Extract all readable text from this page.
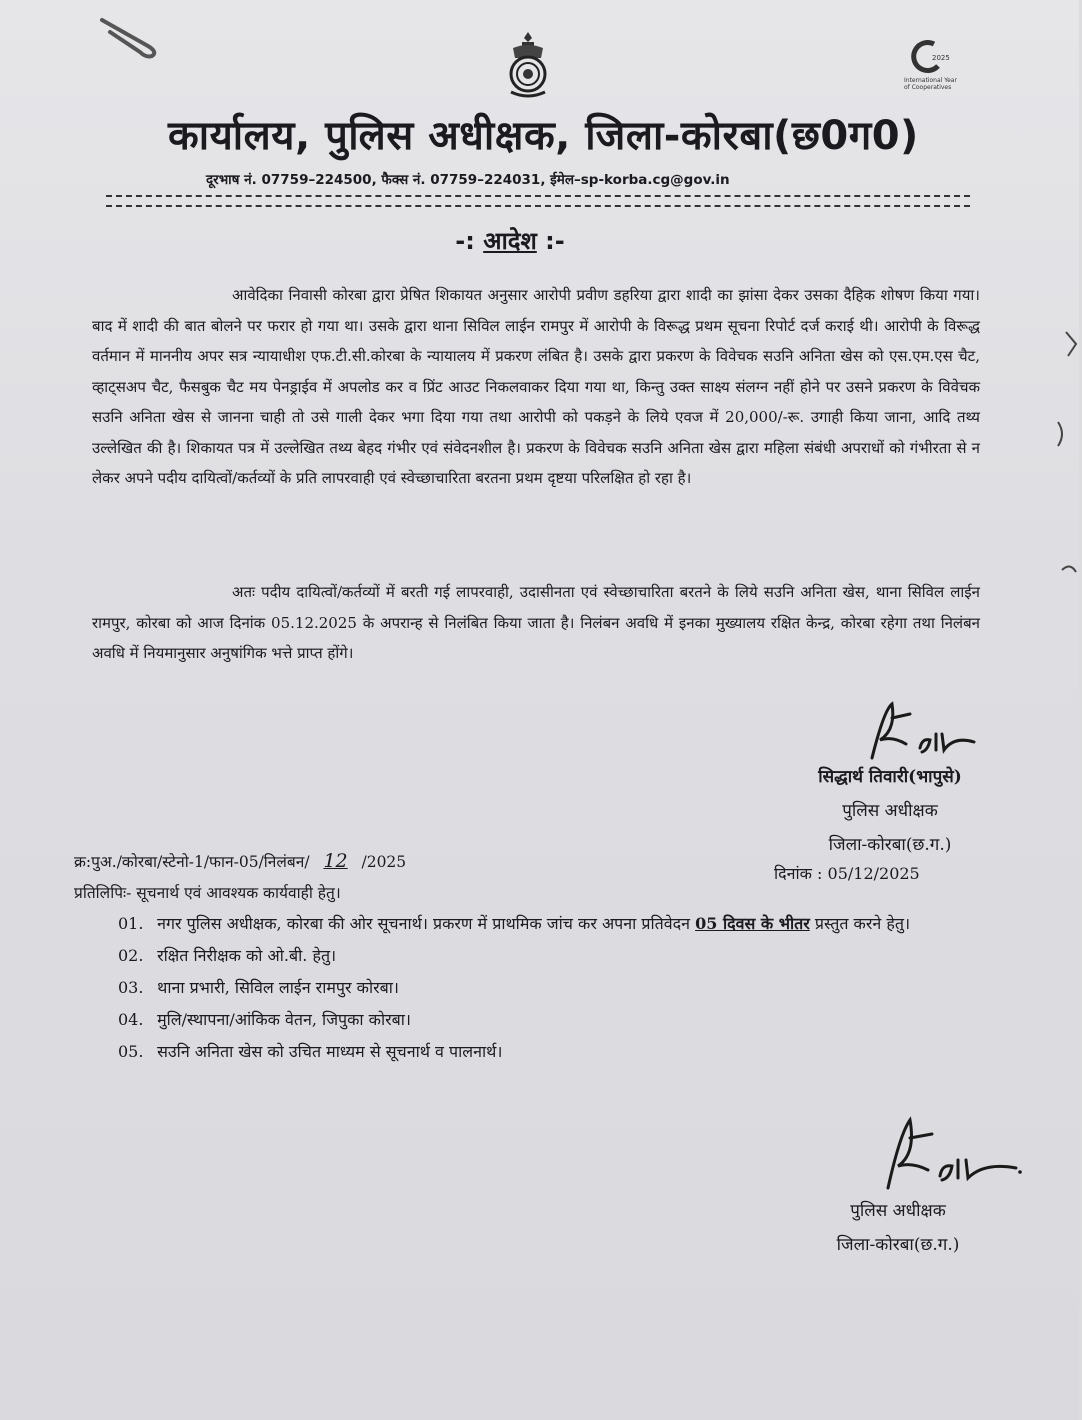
2025
International Year
of Cooperatives
कार्यालय, पुलिस अधीक्षक, जिला-कोरबा(छ0ग0)
दूरभाष नं. 07759–224500, फैक्स नं. 07759–224031, ईमेल–sp-korba.cg@gov.in
-: आदेश :-
आवेदिका निवासी कोरबा द्वारा प्रेषित शिकायत अनुसार आरोपी प्रवीण डहरिया द्वारा शादी का झांसा देकर उसका दैहिक शोषण किया गया। बाद में शादी की बात बोलने पर फरार हो गया था। उसके द्वारा थाना सिविल लाईन रामपुर में आरोपी के विरूद्ध प्रथम सूचना रिपोर्ट दर्ज कराई थी। आरोपी के विरूद्ध वर्तमान में माननीय अपर सत्र न्यायाधीश एफ.टी.सी.कोरबा के न्यायालय में प्रकरण लंबित है। उसके द्वारा प्रकरण के विवेचक सउनि अनिता खेस को एस.एम.एस चैट, व्हाट्सअप चैट, फैसबुक चैट मय पेनड्राईव में अपलोड कर व प्रिंट आउट निकलवाकर दिया गया था, किन्तु उक्त साक्ष्य संलग्न नहीं होने पर उसने प्रकरण के विवेचक सउनि अनिता खेस से जानना चाही तो उसे गाली देकर भगा दिया गया तथा आरोपी को पकड़ने के लिये एवज में 20,000/-रू. उगाही किया जाना, आदि तथ्य उल्लेखित की है। शिकायत पत्र में उल्लेखित तथ्य बेहद गंभीर एवं संवेदनशील है। प्रकरण के विवेचक सउनि अनिता खेस द्वारा महिला संबंधी अपराधों को गंभीरता से न लेकर अपने पदीय दायित्वों/कर्तव्यों के प्रति लापरवाही एवं स्वेच्छाचारिता बरतना प्रथम दृष्टया परिलक्षित हो रहा है।
अतः पदीय दायित्वों/कर्तव्यों में बरती गई लापरवाही, उदासीनता एवं स्वेच्छाचारिता बरतने के लिये सउनि अनिता खेस, थाना सिविल लाईन रामपुर, कोरबा को आज दिनांक 05.12.2025 के अपरान्ह से निलंबित किया जाता है। निलंबन अवधि में इनका मुख्यालय रक्षित केन्द्र, कोरबा रहेगा तथा निलंबन अवधि में नियमानुसार अनुषांगिक भत्ते प्राप्त होंगे।
सिद्धार्थ तिवारी(भापुसे)
पुलिस अधीक्षक
जिला-कोरबा(छ.ग.)
क्र:पुअ./कोरबा/स्टेनो-1/फान-05/निलंबन/ 12 /2025
दिनांक : 05/12/2025
प्रतिलिपिः- सूचनार्थ एवं आवश्यक कार्यवाही हेतु।
01. नगर पुलिस अधीक्षक, कोरबा की ओर सूचनार्थ। प्रकरण में प्राथमिक जांच कर अपना प्रतिवेदन 05 दिवस के भीतर प्रस्तुत करने हेतु।
02. रक्षित निरीक्षक को ओ.बी. हेतु।
03. थाना प्रभारी, सिविल लाईन रामपुर कोरबा।
04. मुलि/स्थापना/आंकिक वेतन, जिपुका कोरबा।
05. सउनि अनिता खेस को उचित माध्यम से सूचनार्थ व पालनार्थ।
पुलिस अधीक्षक
जिला-कोरबा(छ.ग.)
